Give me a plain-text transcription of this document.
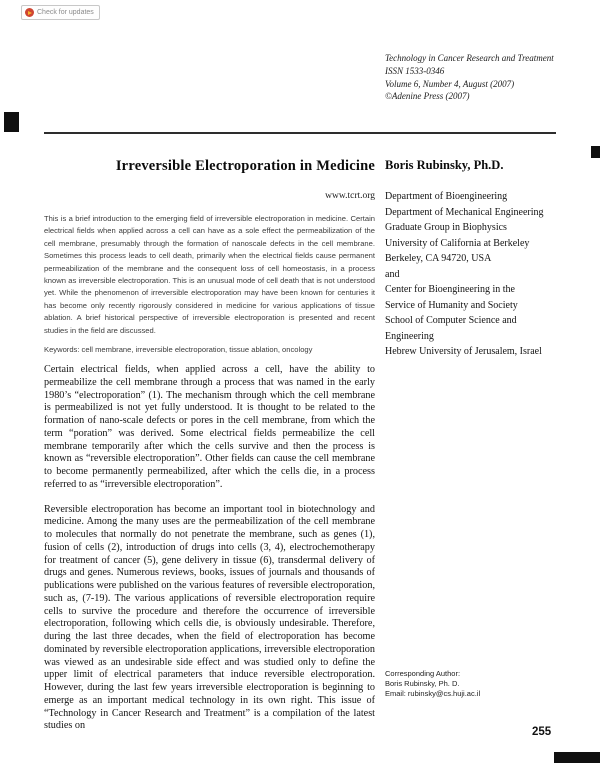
Check for updates
Technology in Cancer Research and Treatment
ISSN 1533-0346
Volume 6, Number 4, August (2007)
©Adenine Press (2007)
Irreversible Electroporation in Medicine
www.tcrt.org
This is a brief introduction to the emerging field of irreversible electroporation in medicine. Certain electrical fields when applied across a cell can have as a sole effect the permeabilization of the cell membrane, presumably through the formation of nanoscale defects in the cell membrane. Sometimes this process leads to cell death, primarily when the electrical fields cause permanent permeabilization of the membrane and the consequent loss of cell homeostasis, in a process known as irreversible electroporation. This is an unusual mode of cell death that is not understood yet. While the phenomenon of irreversible electroporation may have been known for centuries it has become only recently rigorously considered in medicine for various applications of tissue ablation. A brief historical perspective of irreversible electroporation is presented and recent studies in the field are discussed.
Keywords: cell membrane, irreversible electroporation, tissue ablation, oncology

Certain electrical fields, when applied across a cell, have the ability to permeabilize the cell membrane through a process that was named in the early 1980’s “electroporation” (1). The mechanism through which the cell membrane is permeabilized is not yet fully understood. It is thought to be related to the formation of nano-scale defects or pores in the cell membrane, from which the term “poration” was derived. Some electrical fields permeabilize the cell membrane temporarily after which the cells survive and then the process is known as “reversible electroporation”. Other fields can cause the cell membrane to become permanently permeabilized, after which the cells die, in a process referred to as “irreversible electroporation”.

Reversible electroporation has become an important tool in biotechnology and medicine. Among the many uses are the permeabilization of the cell membrane to molecules that normally do not penetrate the membrane, such as genes (1), fusion of cells (2), introduction of drugs into cells (3, 4), electrochemotherapy for treatment of cancer (5), gene delivery in tissue (6), transdermal delivery of drugs and genes. Numerous reviews, books, issues of journals and thousands of publications were published on the various features of reversible electroporation, such as, (7-19). The various applications of reversible electroporation require cells to survive the procedure and therefore the occurrence of irreversible electroporation, following which cells die, is obviously undesirable. Therefore, during the last three decades, when the field of electroporation has become dominated by reversible electroporation applications, irreversible electroporation was viewed as an undesirable side effect and was studied only to define the upper limit of electrical parameters that induce reversible electroporation. However, during the last few years irreversible electroporation is beginning to emerge as an important medical technology in its own right. This issue of “Technology in Cancer Research and Treatment” is a compilation of the latest studies on

Boris Rubinsky, Ph.D.
Department of Bioengineering
Department of Mechanical Engineering
Graduate Group in Biophysics
University of California at Berkeley
Berkeley, CA 94720, USA
and
Center for Bioengineering in the
Service of Humanity and Society
School of Computer Science and
Engineering
Hebrew University of Jerusalem, Israel
Corresponding Author:
Boris Rubinsky, Ph. D.
Email: rubinsky@cs.huji.ac.il
255
